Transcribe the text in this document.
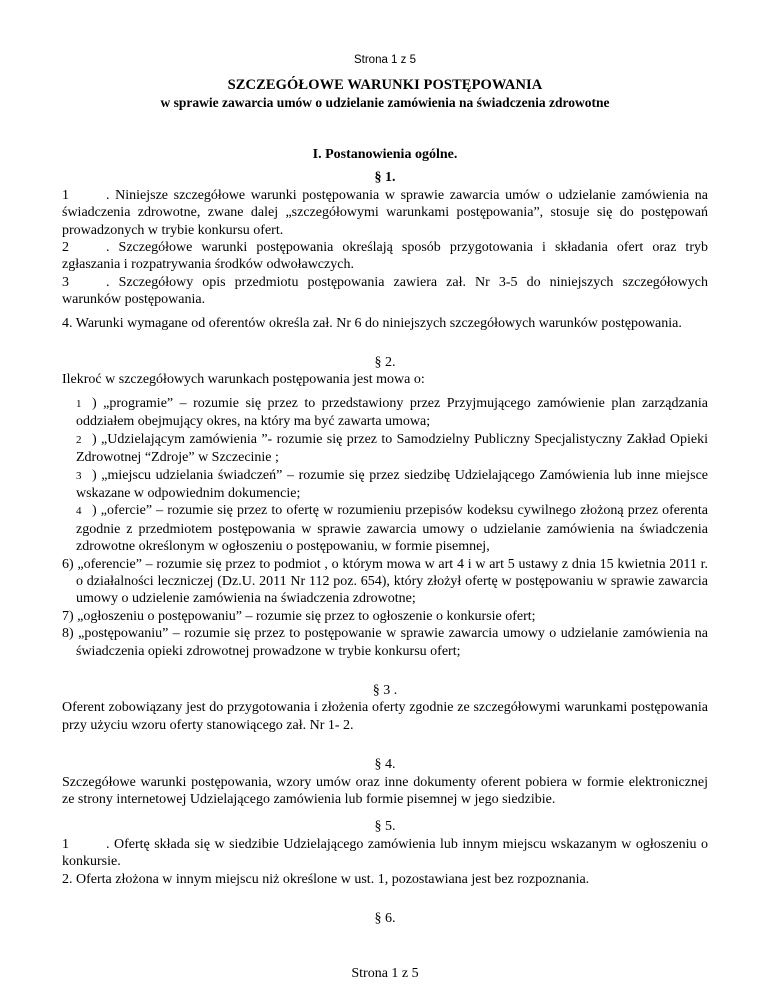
Strona 1 z 5
SZCZEGÓŁOWE WARUNKI POSTĘPOWANIA
w sprawie zawarcia umów o udzielanie zamówienia na świadczenia zdrowotne

I. Postanowienia ogólne.

§ 1.

1	. Niniejsze szczegółowe warunki postępowania w sprawie zawarcia umów o udzielanie zamówienia na świadczenia zdrowotne, zwane dalej „szczegółowymi warunkami postępowania”, stosuje się do postępowań prowadzonych w trybie konkursu ofert.

2	. Szczegółowe warunki postępowania określają sposób przygotowania i składania ofert oraz tryb zgłaszania i rozpatrywania środków odwoławczych.

3	. Szczegółowy opis przedmiotu postępowania zawiera zał. Nr 3-5 do niniejszych szczegółowych warunków postępowania.

4. Warunki wymagane od oferentów określa zał. Nr 6 do niniejszych szczegółowych warunków postępowania.

§ 2.

Ilekroć w szczegółowych warunkach postępowania jest mowa o:

1 ) „programie” – rozumie się przez to przedstawiony przez Przyjmującego zamówienie plan zarządzania oddziałem obejmujący okres, na który ma być zawarta umowa;

2 ) „Udzielającym zamówienia ”- rozumie się przez to Samodzielny Publiczny Specjalistyczny Zakład Opieki Zdrowotnej “Zdroje” w Szczecinie ;

3 ) „miejscu udzielania świadczeń” – rozumie się przez siedzibę Udzielającego Zamówienia lub inne miejsce wskazane w odpowiednim dokumencie;

4 ) „ofercie” – rozumie się przez to ofertę w rozumieniu przepisów kodeksu cywilnego złożoną przez oferenta zgodnie z przedmiotem postępowania w sprawie zawarcia umowy o udzielanie zamówienia na świadczenia zdrowotne określonym w ogłoszeniu o postępowaniu, w formie pisemnej,

6) „oferencie” – rozumie się przez to podmiot , o którym mowa w art 4 i w art 5 ustawy z dnia 15 kwietnia 2011 r. o działalności leczniczej (Dz.U. 2011 Nr 112 poz. 654), który złożył ofertę w postępowaniu w sprawie zawarcia umowy o udzielenie zamówienia na świadczenia zdrowotne;

7) „ogłoszeniu o postępowaniu” – rozumie się przez to ogłoszenie o konkursie ofert;

8) „postępowaniu” – rozumie się przez to postępowanie w sprawie zawarcia umowy o udzielanie zamówienia na świadczenia opieki zdrowotnej prowadzone w trybie konkursu ofert;

§ 3 .

Oferent zobowiązany jest do przygotowania i złożenia oferty zgodnie ze szczegółowymi warunkami postępowania przy użyciu wzoru oferty stanowiącego zał. Nr 1- 2.

§ 4.

Szczegółowe warunki postępowania, wzory umów oraz inne dokumenty oferent pobiera w formie elektronicznej ze strony internetowej Udzielającego zamówienia lub formie pisemnej w jego siedzibie.

§ 5.

1	. Ofertę składa się w siedzibie Udzielającego zamówienia lub innym miejscu wskazanym w ogłoszeniu o konkursie.

2. Oferta złożona w innym miejscu niż określone w ust. 1, pozostawiana jest bez rozpoznania.

§ 6.

Strona 1 z 5
